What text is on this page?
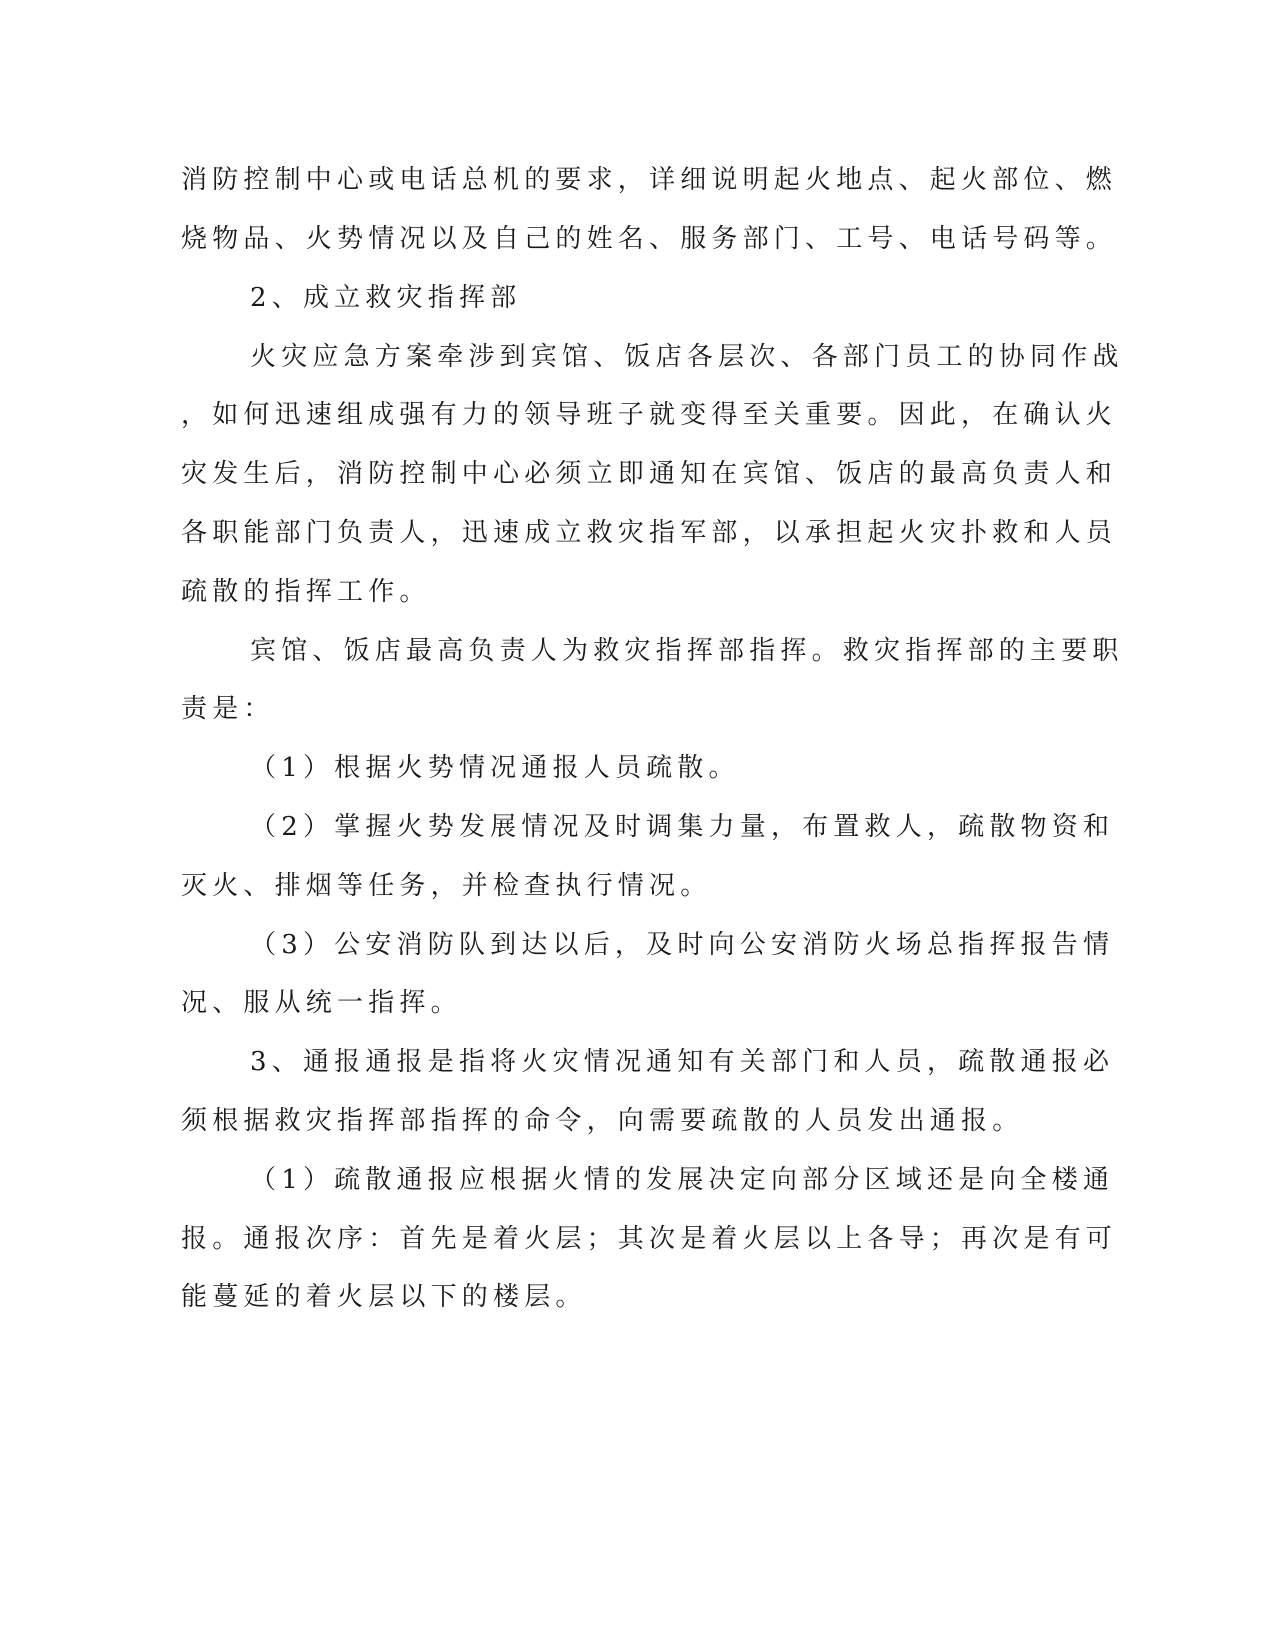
消防控制中心或电话总机的要求，详细说明起火地点、起火部位、燃

烧物品、火势情况以及自己的姓名、服务部门、工号、电话号码等。

2、成立救灾指挥部

火灾应急方案牵涉到宾馆、饭店各层次、各部门员工的协同作战

，如何迅速组成强有力的领导班子就变得至关重要。因此，在确认火

灾发生后，消防控制中心必须立即通知在宾馆、饭店的最高负责人和

各职能部门负责人，迅速成立救灾指军部，以承担起火灾扑救和人员

疏散的指挥工作。

宾馆、饭店最高负责人为救灾指挥部指挥。救灾指挥部的主要职

责是：

（1）根据火势情况通报人员疏散。

（2）掌握火势发展情况及时调集力量，布置救人，疏散物资和

灭火、排烟等任务，并检查执行情况。

（3）公安消防队到达以后，及时向公安消防火场总指挥报告情

况、服从统一指挥。

3、通报通报是指将火灾情况通知有关部门和人员，疏散通报必

须根据救灾指挥部指挥的命令，向需要疏散的人员发出通报。

（1）疏散通报应根据火情的发展决定向部分区域还是向全楼通

报。通报次序：首先是着火层；其次是着火层以上各导；再次是有可

能蔓延的着火层以下的楼层。
